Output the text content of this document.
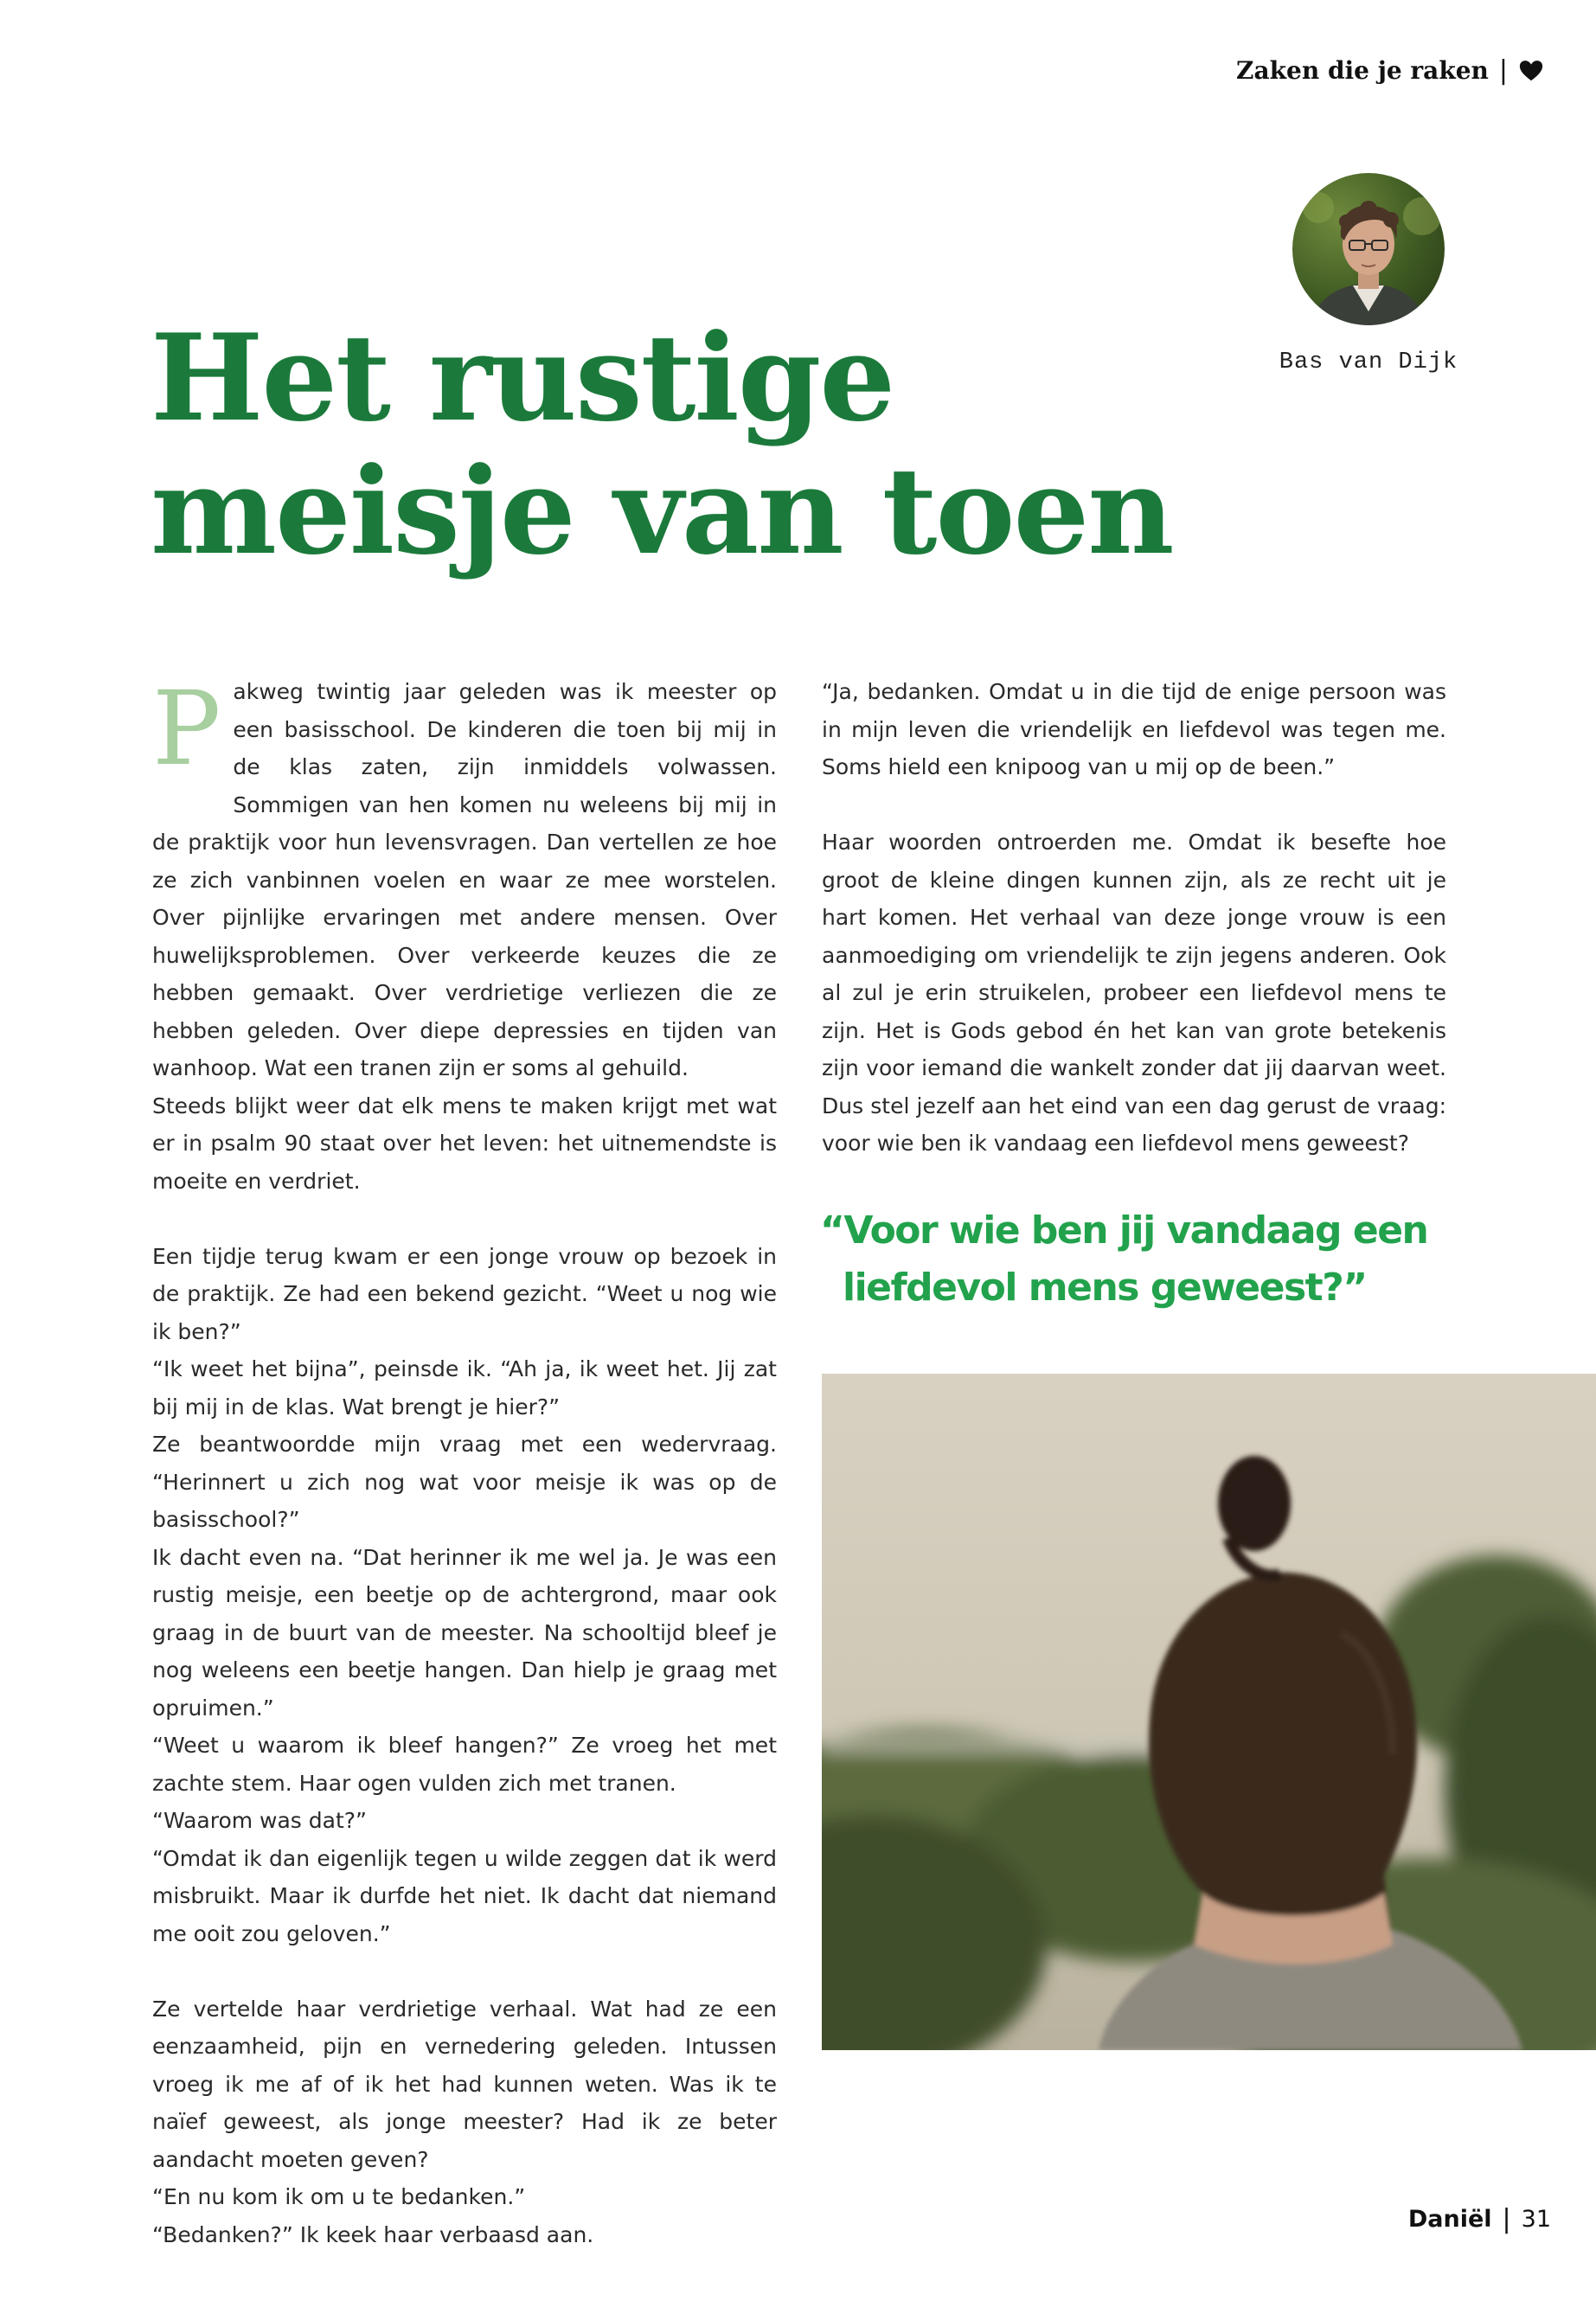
Zaken die je raken |
Bas van Dijk
Het rustige
meisje van toen
P akweg twintig jaar geleden was ik meester op een basisschool. De kinderen die toen bij mij in de klas zaten, zijn inmiddels volwassen. Sommigen van hen komen nu weleens bij mij in de praktijk voor hun levensvragen. Dan vertellen ze hoe ze zich vanbinnen voelen en waar ze mee worstelen. Over pijnlijke ervaringen met andere mensen. Over huwelijksproblemen. Over verkeerde keuzes die ze hebben gemaakt. Over verdrietige verliezen die ze hebben geleden. Over diepe depressies en tijden van wanhoop. Wat een tranen zijn er soms al gehuild.

Steeds blijkt weer dat elk mens te maken krijgt met wat er in psalm 90 staat over het leven: het uitnemendste is moeite en verdriet.

Een tijdje terug kwam er een jonge vrouw op bezoek in de praktijk. Ze had een bekend gezicht. “Weet u nog wie ik ben?”

“Ik weet het bijna”, peinsde ik. “Ah ja, ik weet het. Jij zat bij mij in de klas. Wat brengt je hier?”

Ze beantwoordde mijn vraag met een wedervraag. “Herinnert u zich nog wat voor meisje ik was op de basisschool?”

Ik dacht even na. “Dat herinner ik me wel ja. Je was een rustig meisje, een beetje op de achtergrond, maar ook graag in de buurt van de meester. Na schooltijd bleef je nog weleens een beetje hangen. Dan hielp je graag met opruimen.”

“Weet u waarom ik bleef hangen?” Ze vroeg het met zachte stem. Haar ogen vulden zich met tranen.

“Waarom was dat?”

“Omdat ik dan eigenlijk tegen u wilde zeggen dat ik werd misbruikt. Maar ik durfde het niet. Ik dacht dat niemand me ooit zou geloven.”

Ze vertelde haar verdrietige verhaal. Wat had ze een eenzaamheid, pijn en vernedering geleden. Intussen vroeg ik me af of ik het had kunnen weten. Was ik te naïef geweest, als jonge meester? Had ik ze beter aandacht moeten geven?

“En nu kom ik om u te bedanken.”

“Bedanken?” Ik keek haar verbaasd aan.

“Ja, bedanken. Omdat u in die tijd de enige persoon was in mijn leven die vriendelijk en liefdevol was tegen me. Soms hield een knipoog van u mij op de been.”

Haar woorden ontroerden me. Omdat ik besefte hoe groot de kleine dingen kunnen zijn, als ze recht uit je hart komen. Het verhaal van deze jonge vrouw is een aanmoediging om vriendelijk te zijn jegens anderen. Ook al zul je erin struikelen, probeer een liefdevol mens te zijn. Het is Gods gebod én het kan van grote betekenis zijn voor iemand die wankelt zonder dat jij daarvan weet. Dus stel jezelf aan het eind van een dag gerust de vraag: voor wie ben ik vandaag een liefdevol mens geweest?

“Voor wie ben jij vandaag een
liefdevol mens geweest?”
Daniël | 31
